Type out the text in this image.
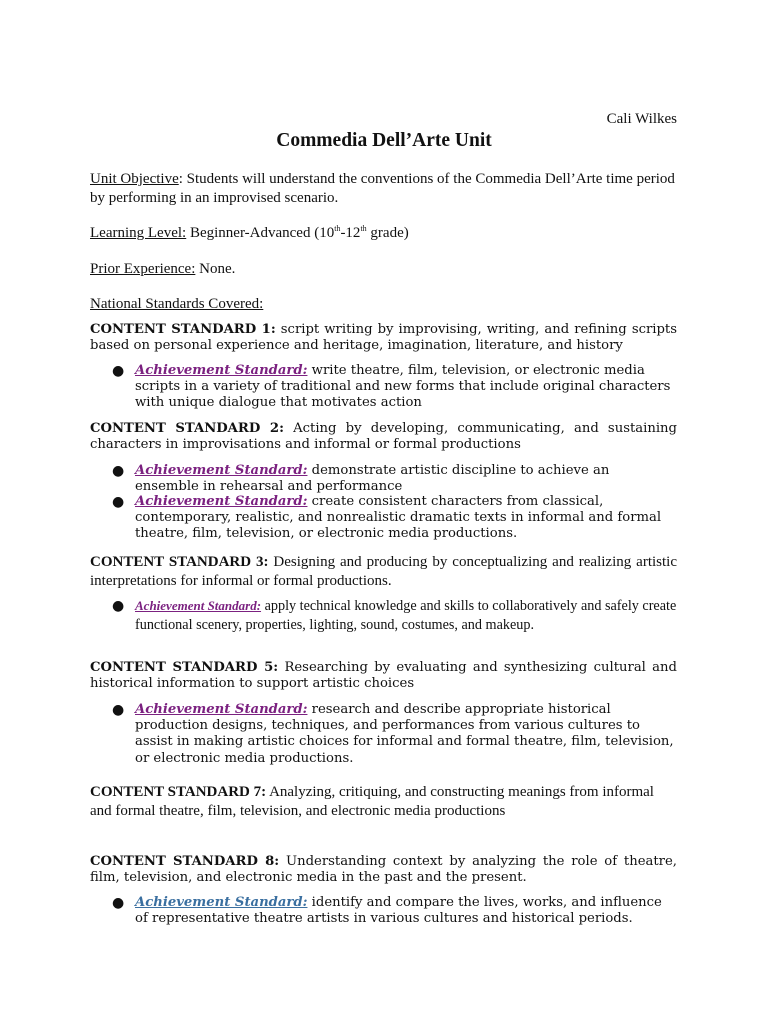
Cali Wilkes
Commedia Dell’Arte Unit
Unit Objective: Students will understand the conventions of the Commedia Dell’Arte time period by performing in an improvised scenario.
Learning Level: Beginner-Advanced (10th-12th grade)
Prior Experience: None.
National Standards Covered:
CONTENT STANDARD 1: script writing by improvising, writing, and refining scripts based on personal experience and heritage, imagination, literature, and history
● Achievement Standard: write theatre, film, television, or electronic media scripts in a variety of traditional and new forms that include original characters with unique dialogue that motivates action
CONTENT STANDARD 2: Acting by developing, communicating, and sustaining characters in improvisations and informal or formal productions
● Achievement Standard: demonstrate artistic discipline to achieve an ensemble in rehearsal and performance
● Achievement Standard: create consistent characters from classical, contemporary, realistic, and nonrealistic dramatic texts in informal and formal theatre, film, television, or electronic media productions.
CONTENT STANDARD 3: Designing and producing by conceptualizing and realizing artistic interpretations for informal or formal productions.
● Achievement Standard: apply technical knowledge and skills to collaboratively and safely create functional scenery, properties, lighting, sound, costumes, and makeup.
CONTENT STANDARD 5: Researching by evaluating and synthesizing cultural and historical information to support artistic choices
● Achievement Standard: research and describe appropriate historical production designs, techniques, and performances from various cultures to assist in making artistic choices for informal and formal theatre, film, television, or electronic media productions.
CONTENT STANDARD 7: Analyzing, critiquing, and constructing meanings from informal and formal theatre, film, television, and electronic media productions
CONTENT STANDARD 8: Understanding context by analyzing the role of theatre, film, television, and electronic media in the past and the present.
● Achievement Standard: identify and compare the lives, works, and influence of representative theatre artists in various cultures and historical periods.
